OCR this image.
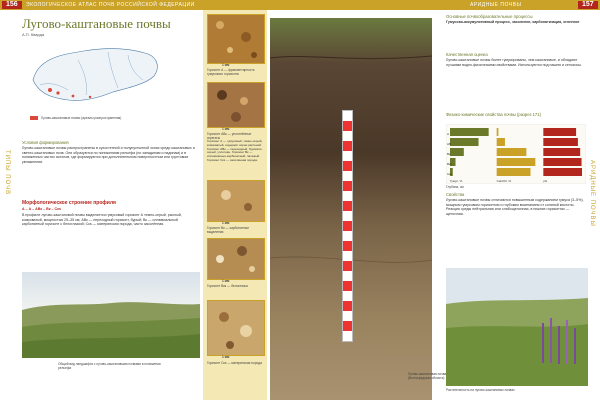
156	ЭКОЛОГИЧЕСКОЕ АТЛАС ПОЧВ РОССИЙСКОЙ ФЕДЕРАЦИИ	АРИДНЫЕ ПОЧВЫ	157
Лугово-каштановые почвы
А.П. Кварда
Лугово-каштановые почвы (ареалы распространения)
ТИПЫ ПОЧВ
Условия формирования
Лугово-каштановые почвы распространены в сухостепной и полупустынной зонах среди каштановых и светло-каштановых почв. Они образуются по понижениям рельефа (по западинам и падинам) и в пониженных частях склонов, где формируются при дополнительном поверхностном или грунтовом увлажнении.
Морфологическое строение профиля
А – А – АВк – Вк – Скs
В профиле лугово-каштановой почвы выделяется гумусовый горизонт А темно-серый, рыхлый, комковатый, мощностью 25–35 см; АВк — переходный горизонт, бурый; Вк — иллювиальный карбонатный горизонт с белоглазкой; Скs — материнская порода, часто засолённая.
Общий вид ландшафта с лугово-каштановыми почвами в понижении рельефа
1 мм
Горизонт А — фрагментарность гумусового горизонта
1 мм
Горизонт АВк — уплотнённые агрегаты
Горизонт А — гумусовый, темно-серый, комковатый, содержит корни растений. Горизонт АВк — переходный, буровато-серый, уплотнён. Горизонт Вк — иллювиально-карбонатный, палевый. Горизонт Скs — засолённая порода.
1 мм
Горизонт Вк — карбонатные выделения
1 мм
Горизонт Вкs — белоглазка
1 мм
Горизонт Скs — материнская порода
Лугово-каштановая почва (Волгоградская область)
Основные почвообразовательные процессы
Гумусово-аккумулятивный процесс, засоление, карбонатизация, оглеение
Качественная оценка
Лугово-каштановые почвы более гумусированы, чем каштановые, и обладают лучшими водно-физическими свойствами. Используются под пашню и сенокосы.
Физико-химические свойства почвы (разрез 171)
A
AB
Bк
Bкs
Cкs
Гумус, %	CaCO3, %	pH
Глубина, см
Свойства
Лугово-каштановые почвы отличаются повышенным содержанием гумуса (3–5%), мощным гумусовым горизонтом и глубоким вскипанием от соляной кислоты. Реакция среды нейтральная или слабощелочная, в нижних горизонтах — щелочная.	АРИДНЫЕ ПОЧВЫ
Растительность на лугово-каштановых почвах
